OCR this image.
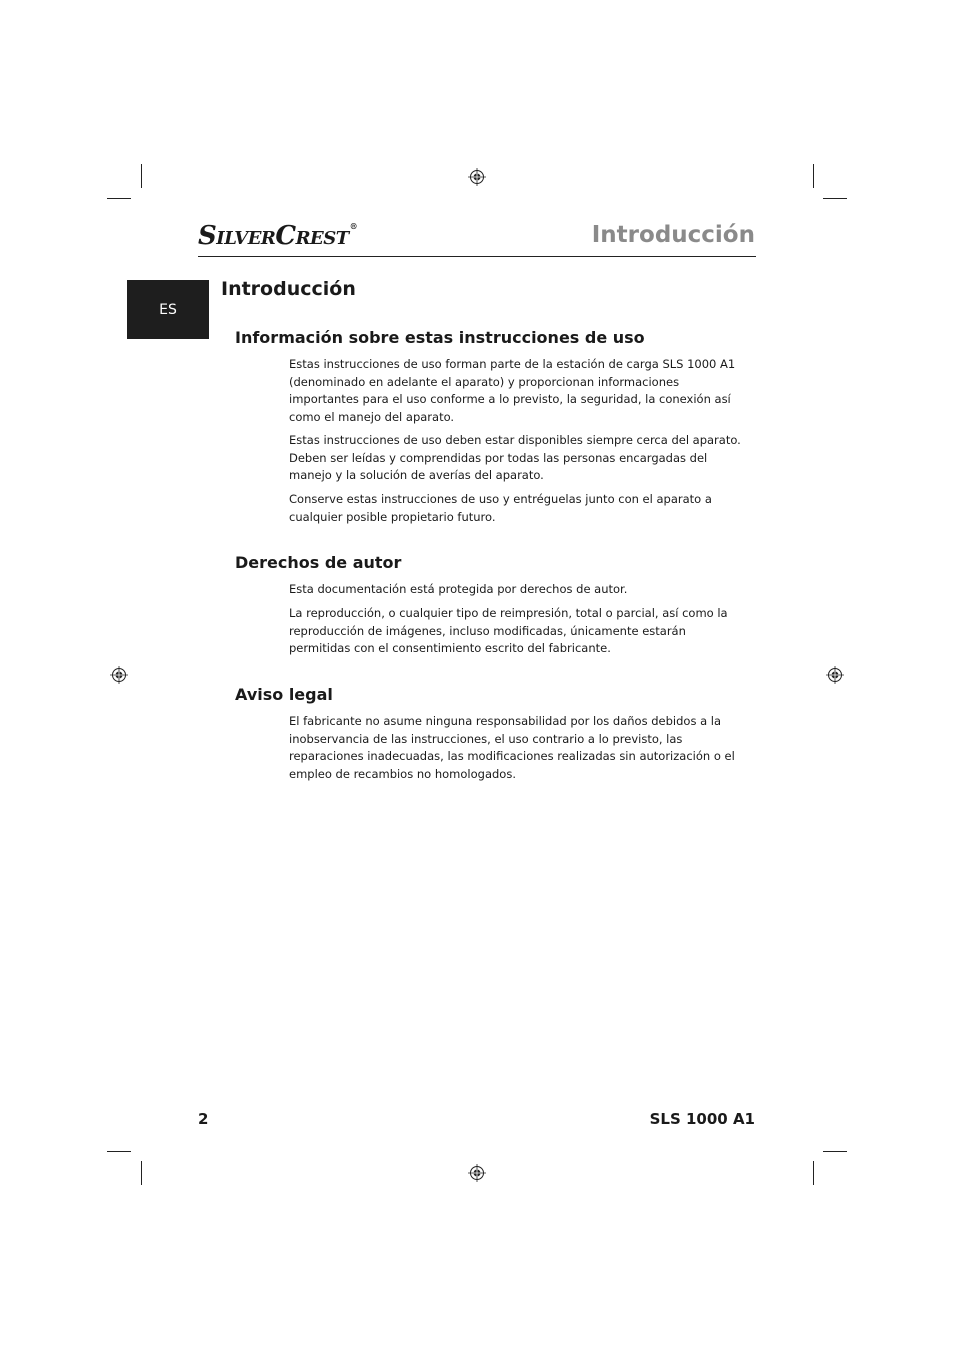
SILVERCREST®	Introducción
ES
Introducción
Información sobre estas instrucciones de uso

Estas instrucciones de uso forman parte de la estación de carga SLS 1000 A1 (denominado en adelante el aparato) y proporcionan informaciones importantes para el uso conforme a lo previsto, la seguridad, la conexión así como el manejo del aparato.

Estas instrucciones de uso deben estar disponibles siempre cerca del aparato. Deben ser leídas y comprendidas por todas las personas encargadas del manejo y la solución de averías del aparato.

Conserve estas instrucciones de uso y entréguelas junto con el aparato a cualquier posible propietario futuro.

Derechos de autor

Esta documentación está protegida por derechos de autor.

La reproducción, o cualquier tipo de reimpresión, total o parcial, así como la reproducción de imágenes, incluso modificadas, únicamente estarán permitidas con el consentimiento escrito del fabricante.

Aviso legal

El fabricante no asume ninguna responsabilidad por los daños debidos a la inobservancia de las instrucciones, el uso contrario a lo previsto, las reparaciones inadecuadas, las modificaciones realizadas sin autorización o el empleo de recambios no homologados.

2	SLS 1000 A1
